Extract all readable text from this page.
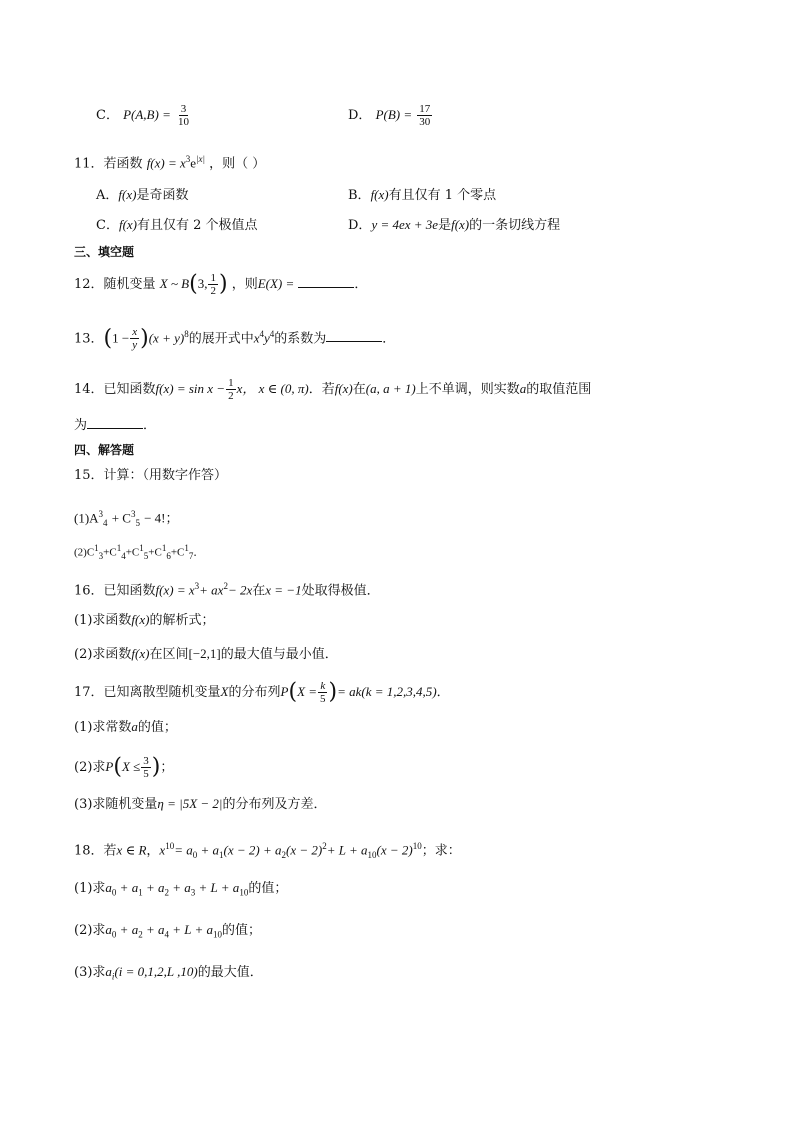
C． $P(A,B) = \frac{3}{10}$	D． $P(B) = \frac{17}{30}$
11．若函数 $f(x) = x^3e^{|x|}$ ，则（ ）
A．f(x)是奇函数	B．f(x)有且仅有 1 个零点
C．f(x)有且仅有 2 个极值点	D．y = 4ex + 3e是f(x)的一条切线方程
三、填空题
12．随机变量 X ~ B(3, $\frac{1}{2}$ ) ，则E(X) =	．
13．$(1 - \frac{x}{y} )(x + y)^8$的展开式中$x^4y^4$的系数为	．
14．已知函数$f(x) = \sin x - \frac{1}{2}$ x， x ∈ (0, π)．若f(x)在(a, a + 1)上不单调，则实数a的取值范围
为	．
四、解答题
15．计算：（用数字作答）
$(1)A^3_4 + C^3_5 - 4$!；
$(2)C^1_3+C^1_4+C^1_5+C^1_6+C^1_7$．
16．已知函数$f(x) = x^3+ ax^2- 2x$在x = −1处取得极值．
(1)求函数f(x)的解析式；
(2)求函数f(x)在区间[−2,1]的最大值与最小值．
17．已知离散型随机变量X的分布列$P(X = \frac{k}{5}$ )= ak(k = 1,2,3,4,5)．
(1)求常数a的值；
(2)求$P(X \le \frac{3}{5}$ )；
(3)求随机变量η = |5X − 2|的分布列及方差．
18．若x ∈ R，$x^{10}= a_0 + a_1(x - 2) + a_2(x - 2)^2+ L + a_{10}(x - 2)^{10}$；求：
(1)求$a_0 + a_1 + a_2 + a_3 + L + a_{10}$的值；
(2)求$a_0 + a_2 + a_4 + L + a_{10}$的值；
(3)求$a_i(i = 0,1,2,L$ ,10)的最大值．
